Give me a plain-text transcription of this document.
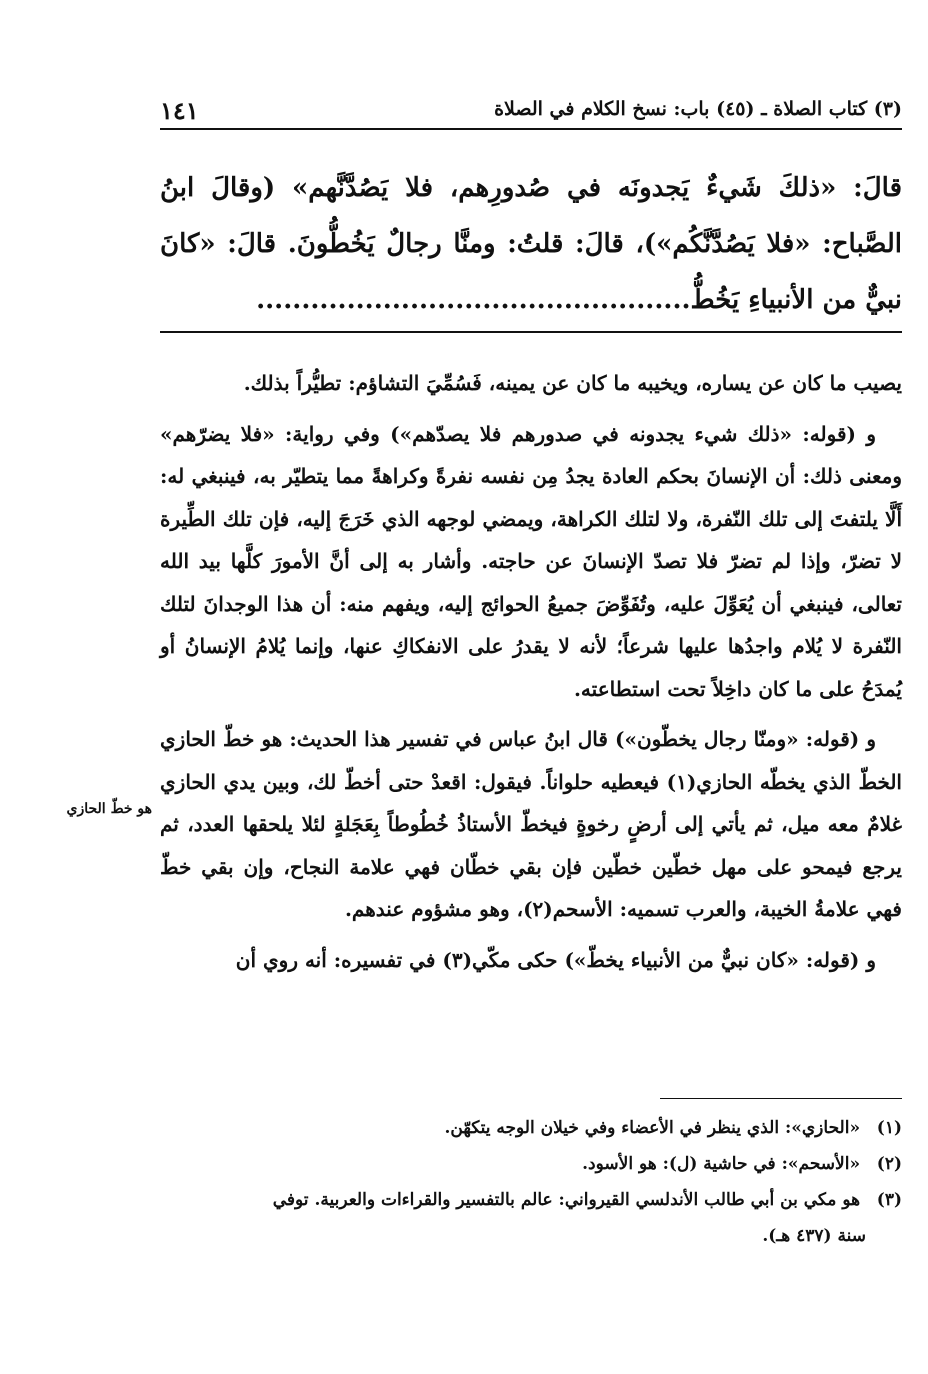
(٣) كتاب الصلاة ـ (٤٥) باب: نسخ الكلام في الصلاة
١٤١
قالَ: «ذلكَ شَيءٌ يَجدونَه في صُدورِهم، فلا يَصُدَّنَّهم» (وقالَ ابنُ الصَّباح: «فلا يَصُدَّنَّكُم»)، قالَ: قلتُ: ومنَّا رجالٌ يَخُطُّونَ. قالَ: «كانَ نبيٌّ من الأنبياءِ يَخُطُّ................................................

يصيب ما كان عن يساره، ويخيبه ما كان عن يمينه، فَسُمِّيَ التشاؤم: تطيُّراً بذلك.

و (قوله: «ذلك شيء يجدونه في صدورهم فلا يصدّهم») وفي رواية: «فلا يضرّهم» ومعنى ذلك: أن الإنسانَ بحكم العادة يجدُ مِن نفسه نفرةً وكراهةً مما يتطيّر به، فينبغي له: أَلَّا يلتفتَ إلى تلك النّفرة، ولا لتلك الكراهة، ويمضي لوجهه الذي خَرَجَ إليه، فإن تلك الطِّيرة لا تضرّ، وإذا لم تضرّ فلا تصدّ الإنسانَ عن حاجته. وأشار به إلى أنَّ الأمورَ كلَّها بيد الله تعالى، فينبغي أن يُعَوِّلَ عليه، وتُفَوِّضَ جميعُ الحوائج إليه، ويفهم منه: أن هذا الوجدانَ لتلك النّفرة لا يُلام واجدُها عليها شرعاً؛ لأنه لا يقدرُ على الانفكاكِ عنها، وإنما يُلامُ الإنسانُ أو يُمدَحُ على ما كان داخِلاً تحت استطاعته.

و (قوله: «ومنّا رجال يخطّون») قال ابنُ عباس في تفسير هذا الحديث: هو خطّ الحازي الخطّ الذي يخطّه الحازي(١) فيعطيه حلواناً. فيقول: اقعدْ حتى أخطّ لك، وبين يدي الحازي غلامٌ معه ميل، ثم يأتي إلى أرضٍ رخوةٍ فيخطّ الأستاذُ خُطُوطاً بِعَجَلةٍ لئلا يلحقها العدد، ثم يرجع فيمحو على مهل خطّين خطّين فإن بقي خطّان فهي علامة النجاح، وإن بقي خطّ فهي علامةُ الخيبة، والعرب تسميه: الأسحم(٢)، وهو مشؤوم عندهم.

و (قوله: «كان نبيٌّ من الأنبياء يخطّ») حكى مكّي(٣) في تفسيره: أنه روي أن

هو خطّ الحازي

(١) «الحازي»: الذي ينظر في الأعضاء وفي خيلان الوجه يتكهّن.

(٢) «الأسحم»: في حاشية (ل): هو الأسود.

(٣) هو مكي بن أبي طالب الأندلسي القيرواني: عالم بالتفسير والقراءات والعربية. توفي
سنة (٤٣٧ هـ).
